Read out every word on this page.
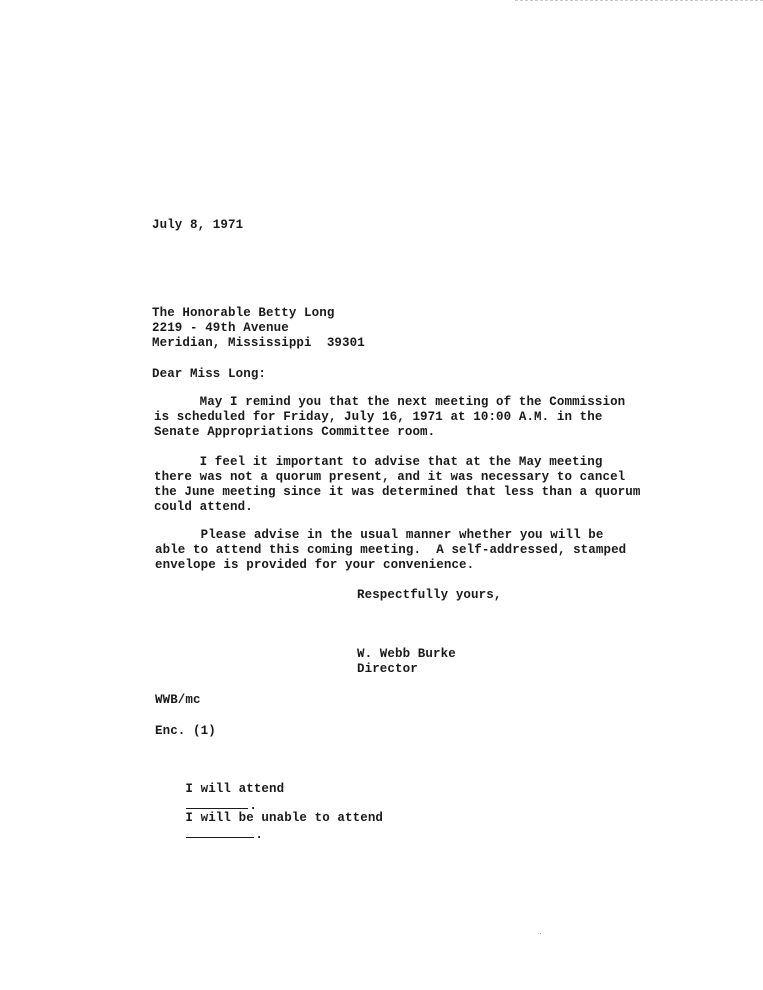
July 8, 1971
The Honorable Betty Long
2219 - 49th Avenue
Meridian, Mississippi  39301
Dear Miss Long:
May I remind you that the next meeting of the Commission
is scheduled for Friday, July 16, 1971 at 10:00 A.M. in the
Senate Appropriations Committee room.
I feel it important to advise that at the May meeting
there was not a quorum present, and it was necessary to cancel
the June meeting since it was determined that less than a quorum
could attend.
Please advise in the usual manner whether you will be
able to attend this coming meeting.  A self-addressed, stamped
envelope is provided for your convenience.
Respectfully yours,
W. Webb Burke
Director
WWB/mc
Enc. (1)

I will attend
.

I will be unable to attend
.
